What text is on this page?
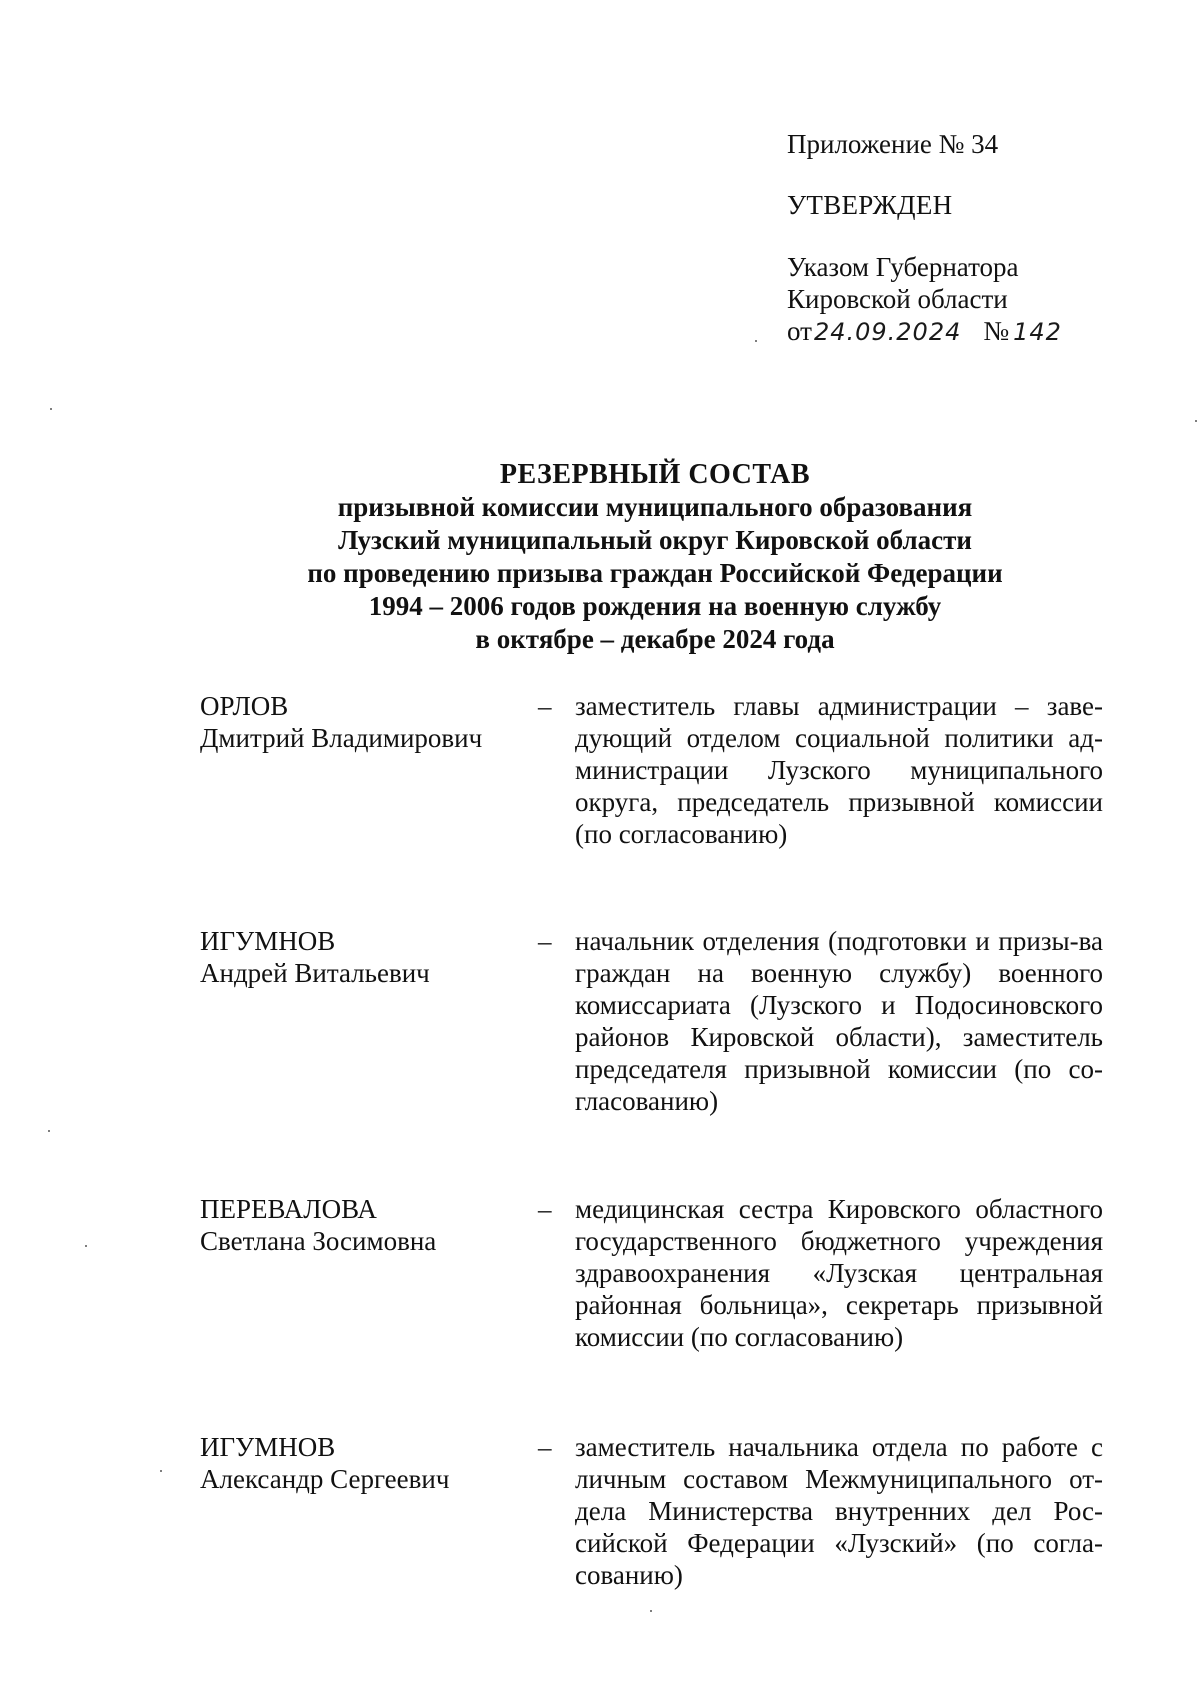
Приложение № 34
УТВЕРЖДЕН
Указом Губернатора
Кировской области
от24.09.2024 № 142
РЕЗЕРВНЫЙ СОСТАВ
призывной комиссии муниципального образования
Лузский муниципальный округ Кировской области
по проведению призыва граждан Российской Федерации
1994 – 2006 годов рождения на военную службу
в октябре – декабре 2024 года
ОРЛОВ
Дмитрий Владимирович
– заместитель главы администрации – заве-дующий отделом социальной политики ад-министрации Лузского муниципального округа, председатель призывной комиссии (по согласованию)
ИГУМНОВ
Андрей Витальевич
– начальник отделения (подготовки и призы-ва граждан на военную службу) военного комиссариата (Лузского и Подосиновского районов Кировской области), заместитель председателя призывной комиссии (по со-гласованию)
ПЕРЕВАЛОВА
Светлана Зосимовна
– медицинская сестра Кировского областного государственного бюджетного учреждения здравоохранения «Лузская центральная районная больница», секретарь призывной комиссии (по согласованию)
ИГУМНОВ
Александр Сергеевич
– заместитель начальника отдела по работе с личным составом Межмуниципального от-дела Министерства внутренних дел Рос-сийской Федерации «Лузский» (по согла-сованию)
